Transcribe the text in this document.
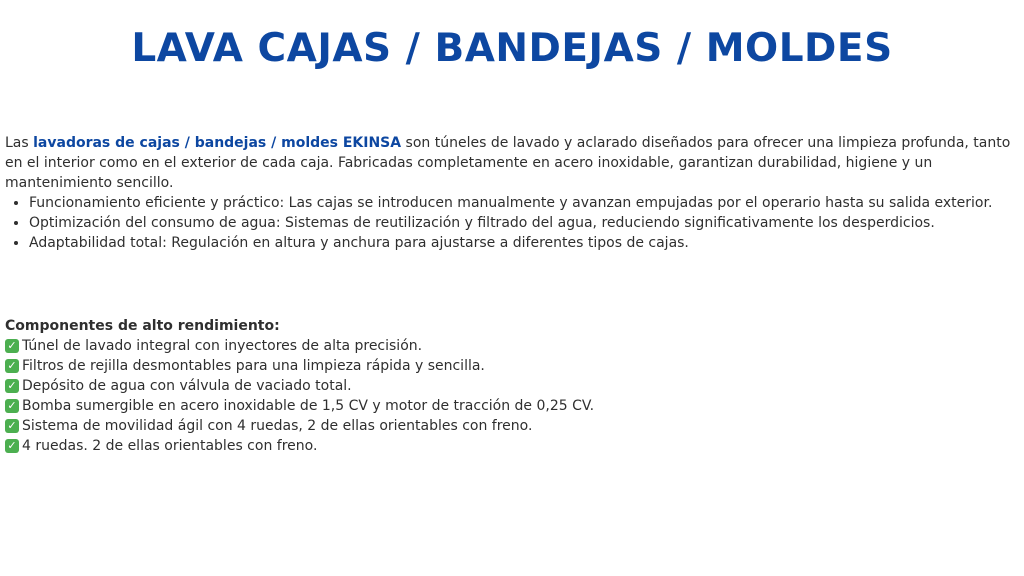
LAVA CAJAS / BANDEJAS / MOLDES

Las lavadoras de cajas / bandejas / moldes EKINSA son túneles de lavado y aclarado diseñados para ofrecer una limpieza profunda, tanto en el interior como en el exterior de cada caja. Fabricadas completamente en acero inoxidable, garantizan durabilidad, higiene y un mantenimiento sencillo.

• Funcionamiento eficiente y práctico: Las cajas se introducen manualmente y avanzan empujadas por el operario hasta su salida exterior.
• Optimización del consumo de agua: Sistemas de reutilización y filtrado del agua, reduciendo significativamente los desperdicios.
• Adaptabilidad total: Regulación en altura y anchura para ajustarse a diferentes tipos de cajas.

Componentes de alto rendimiento:

✓ Túnel de lavado integral con inyectores de alta precisión.
✓ Filtros de rejilla desmontables para una limpieza rápida y sencilla.
✓ Depósito de agua con válvula de vaciado total.
✓ Bomba sumergible en acero inoxidable de 1,5 CV y motor de tracción de 0,25 CV.
✓ Sistema de movilidad ágil con 4 ruedas, 2 de ellas orientables con freno.
✓ 4 ruedas. 2 de ellas orientables con freno.
